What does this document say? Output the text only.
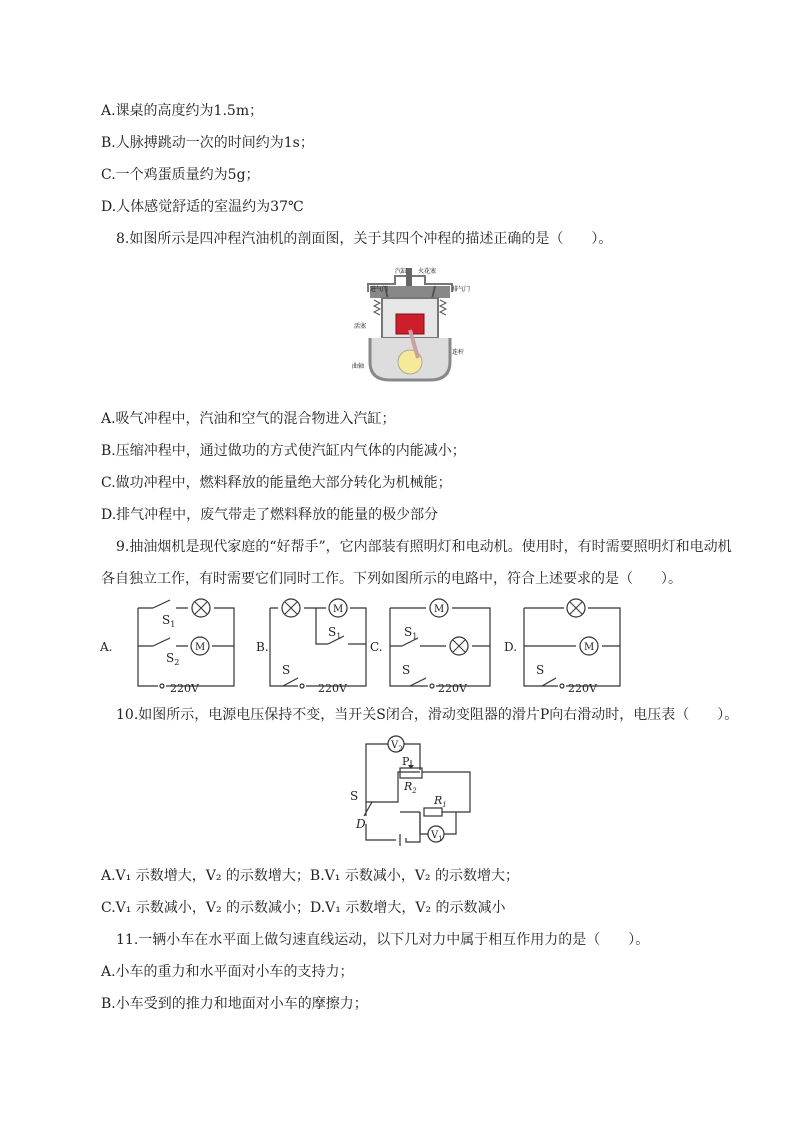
A.课桌的高度约为1.5m；
B.人脉搏跳动一次的时间约为1s；
C.一个鸡蛋质量约为5g；
D.人体感觉舒适的室温约为37℃
8.如图所示是四冲程汽油机的剖面图，关于其四个冲程的描述正确的是（　　）。
进气门
汽缸 火花塞
排气门
活塞
连杆
曲轴
A.吸气冲程中，汽油和空气的混合物进入汽缸；
B.压缩冲程中，通过做功的方式使汽缸内气体的内能减小；
C.做功冲程中，燃料释放的能量绝大部分转化为机械能；
D.排气冲程中，废气带走了燃料释放的能量的极少部分
9.抽油烟机是现代家庭的“好帮手”，它内部装有照明灯和电动机。使用时，有时需要照明灯和电动机
各自独立工作，有时需要它们同时工作。下列如图所示的电路中，符合上述要求的是（　　）。
A.	B.	C.	D.
M
M	M
M
$S_1$
$S_2$
$S_1$
S
$S_1$
S	S
220V	220V	220V	220V
10.如图所示，电源电压保持不变，当开关S闭合，滑动变阻器的滑片P向右滑动时，电压表（　　）。
$V_2$
$V_1$
P
$R_2$
$R_1$
S
D
A.V₁ 示数增大，V₂ 的示数增大；B.V₁ 示数减小，V₂ 的示数增大；
C.V₁ 示数减小，V₂ 的示数减小；D.V₁ 示数增大，V₂ 的示数减小
11.一辆小车在水平面上做匀速直线运动，以下几对力中属于相互作用力的是（　　）。
A.小车的重力和水平面对小车的支持力；
B.小车受到的推力和地面对小车的摩擦力；
